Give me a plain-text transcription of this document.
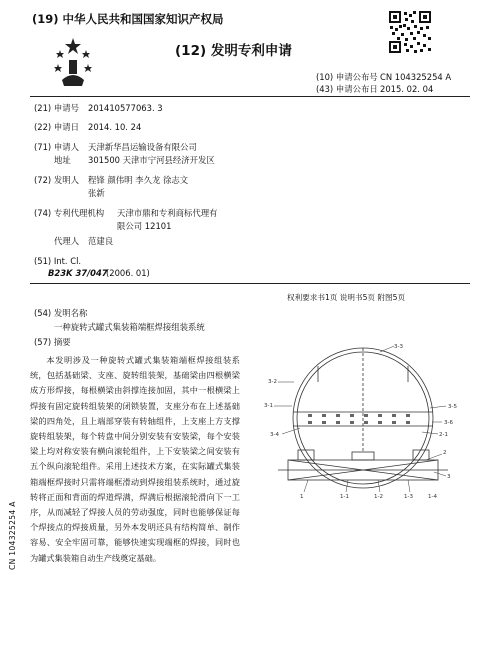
(19) 中华人民共和国国家知识产权局
(12) 发明专利申请
(10) 申请公布号 CN 104325254 A
(43) 申请公布日 2015. 02. 04
(21) 申请号 201410577063. 3
(22) 申请日 2014. 10. 24
(71) 申请人 天津新华昌运输设备有限公司
地址 301500 天津市宁河县经济开发区
(72) 发明人 程锋 颜伟明 李久龙 徐志文
张新
(74) 专利代理机构 天津市鼎和专利商标代理有
限公司 12101
代理人 范建良
(51) Int. Cl.
B23K 37/047
(2006. 01)
权利要求书1页 说明书5页 附图5页
(54) 发明名称
一种旋转式罐式集装箱端框焊接组装系统
(57) 摘要
本发明涉及一种旋转式罐式集装箱端框焊接组装系统，包括基础梁、支座、旋转组装架，基础梁由四根横梁成方形焊接，每根横梁由斜撑连接加固，其中一根横梁上焊接有固定旋转组装架的闭锁装置，支座分布在上述基础梁的四角处，且上端部穿装有转轴组件，上支座上方支撑旋转组装架，每个转盘中间分别安装有安装梁，每个安装梁上均对称安装有横向滚轮组件，上下安装梁之间安装有五个纵向滚轮组件。采用上述技术方案，在实际罐式集装箱端框焊接时只需将端框滑动到焊接组装系统时，通过旋转将正面和背面的焊道焊满，焊满后根据滚轮滑向下一工序，从而减轻了焊接人员的劳动强度，同时也能够保证每个焊接点的焊接质量，另外本发明还具有结构简单、制作容易、安全牢固可靠，能够快速实现端框的焊接，同时也为罐式集装箱自动生产线奠定基础。
CN 104325254 A
3-3
3-2
3-1
3-4	2-1
2
3
1	1-1	1-2	1-3
3-5
1-4
3-6
